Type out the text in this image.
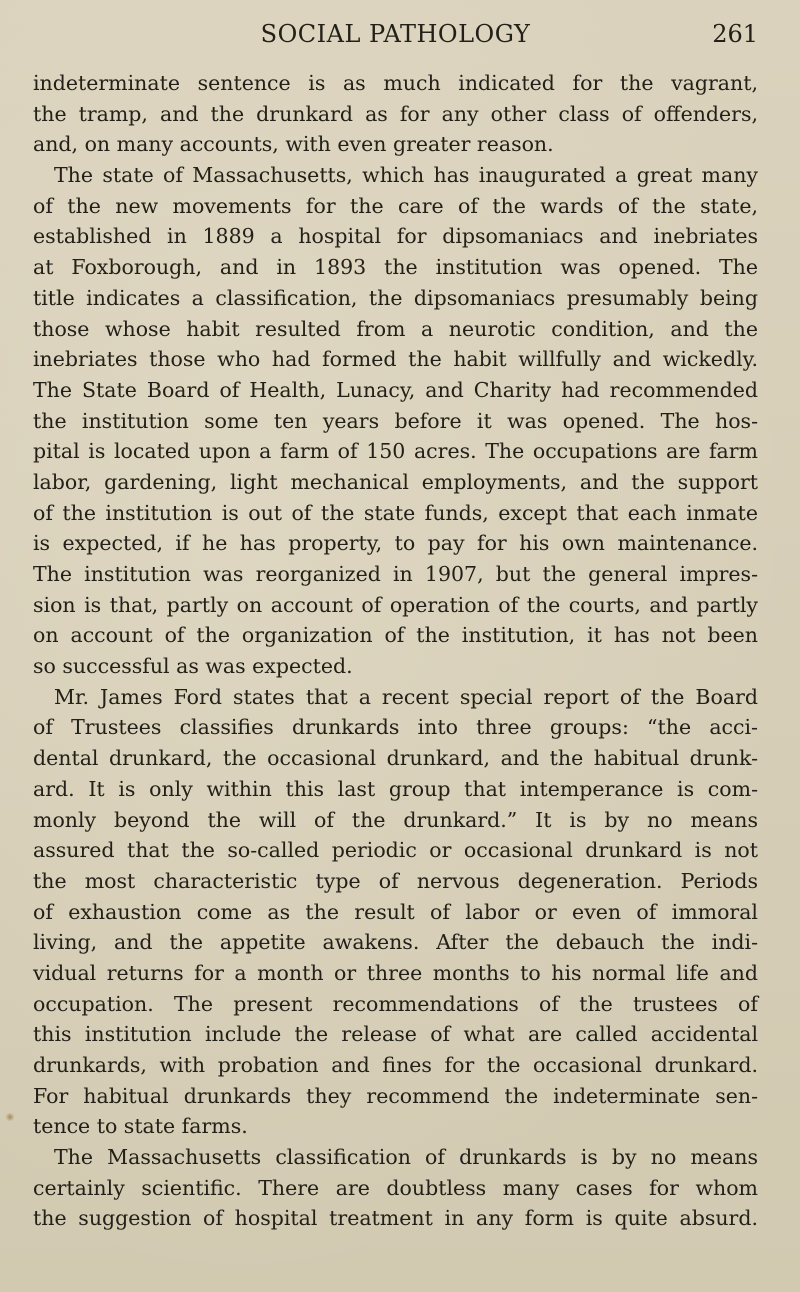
SOCIAL PATHOLOGY	261
indeterminate sentence is as much indicated for the vagrant,
the tramp, and the drunkard as for any other class of offenders,
and, on many accounts, with even greater reason.
The state of Massachusetts, which has inaugurated a great many
of the new movements for the care of the wards of the state,
established in 1889 a hospital for dipsomaniacs and inebriates
at Foxborough, and in 1893 the institution was opened. The
title indicates a classification, the dipsomaniacs presumably being
those whose habit resulted from a neurotic condition, and the
inebriates those who had formed the habit willfully and wickedly.
The State Board of Health, Lunacy, and Charity had recommended
the institution some ten years before it was opened. The hos-
pital is located upon a farm of 150 acres. The occupations are farm
labor, gardening, light mechanical employments, and the support
of the institution is out of the state funds, except that each inmate
is expected, if he has property, to pay for his own maintenance.
The institution was reorganized in 1907, but the general impres-
sion is that, partly on account of operation of the courts, and partly
on account of the organization of the institution, it has not been
so successful as was expected.
Mr. James Ford states that a recent special report of the Board
of Trustees classifies drunkards into three groups: “the acci-
dental drunkard, the occasional drunkard, and the habitual drunk-
ard. It is only within this last group that intemperance is com-
monly beyond the will of the drunkard.” It is by no means
assured that the so-called periodic or occasional drunkard is not
the most characteristic type of nervous degeneration. Periods
of exhaustion come as the result of labor or even of immoral
living, and the appetite awakens. After the debauch the indi-
vidual returns for a month or three months to his normal life and
occupation. The present recommendations of the trustees of
this institution include the release of what are called accidental
drunkards, with probation and fines for the occasional drunkard.
For habitual drunkards they recommend the indeterminate sen-
tence to state farms.
The Massachusetts classification of drunkards is by no means
certainly scientific. There are doubtless many cases for whom
the suggestion of hospital treatment in any form is quite absurd.
